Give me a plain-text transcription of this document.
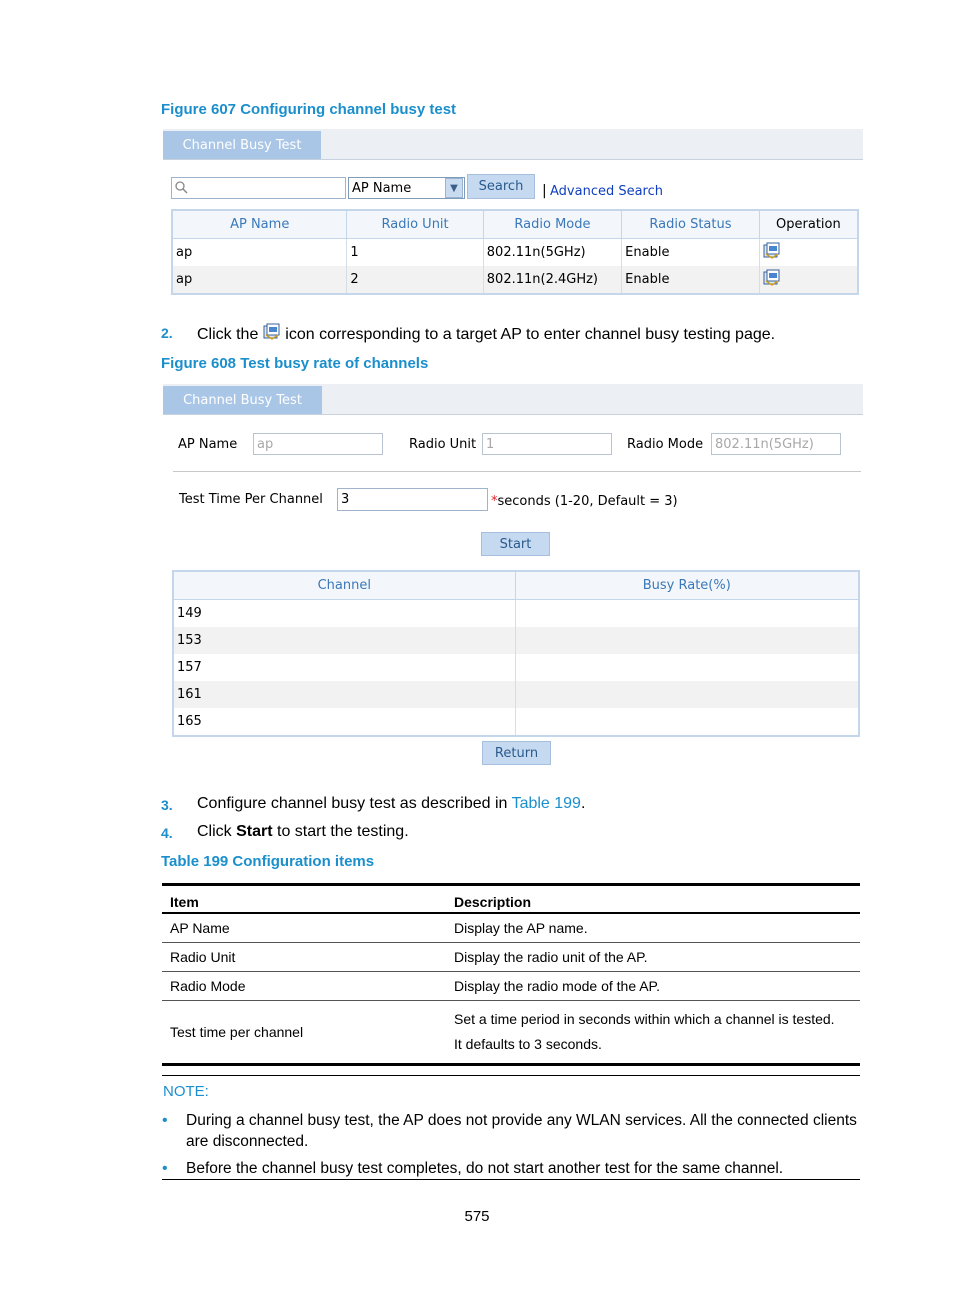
Figure 607 Configuring channel busy test
Channel Busy Test
AP Name	▼	Search	| Advanced Search
AP Name	Radio Unit	Radio Mode	Radio Status	Operation
ap	1	802.11n(5GHz)	Enable	
ap	2	802.11n(2.4GHz)	Enable	
2. Click the icon corresponding to a target AP to enter channel busy testing page.
Figure 608 Test busy rate of channels
Channel Busy Test
AP Name	ap	Radio Unit 1	Radio Mode 802.11n(5GHz)
Test Time Per Channel	3	*seconds (1-20, Default = 3)
Start
Channel	Busy Rate(%)
149	
153	
157	
161	
165	
Return
3. Configure channel busy test as described in Table 199.
4. Click Start to start the testing.
Table 199 Configuration items
Item	Description
AP Name	Display the AP name.
Radio Unit	Display the radio unit of the AP.
Radio Mode	Display the radio mode of the AP.
Test time per channel	Set a time period in seconds within which a channel is tested.
It defaults to 3 seconds.
NOTE:
• During a channel busy test, the AP does not provide any WLAN services. All the connected clients are disconnected.
• Before the channel busy test completes, do not start another test for the same channel.
575
